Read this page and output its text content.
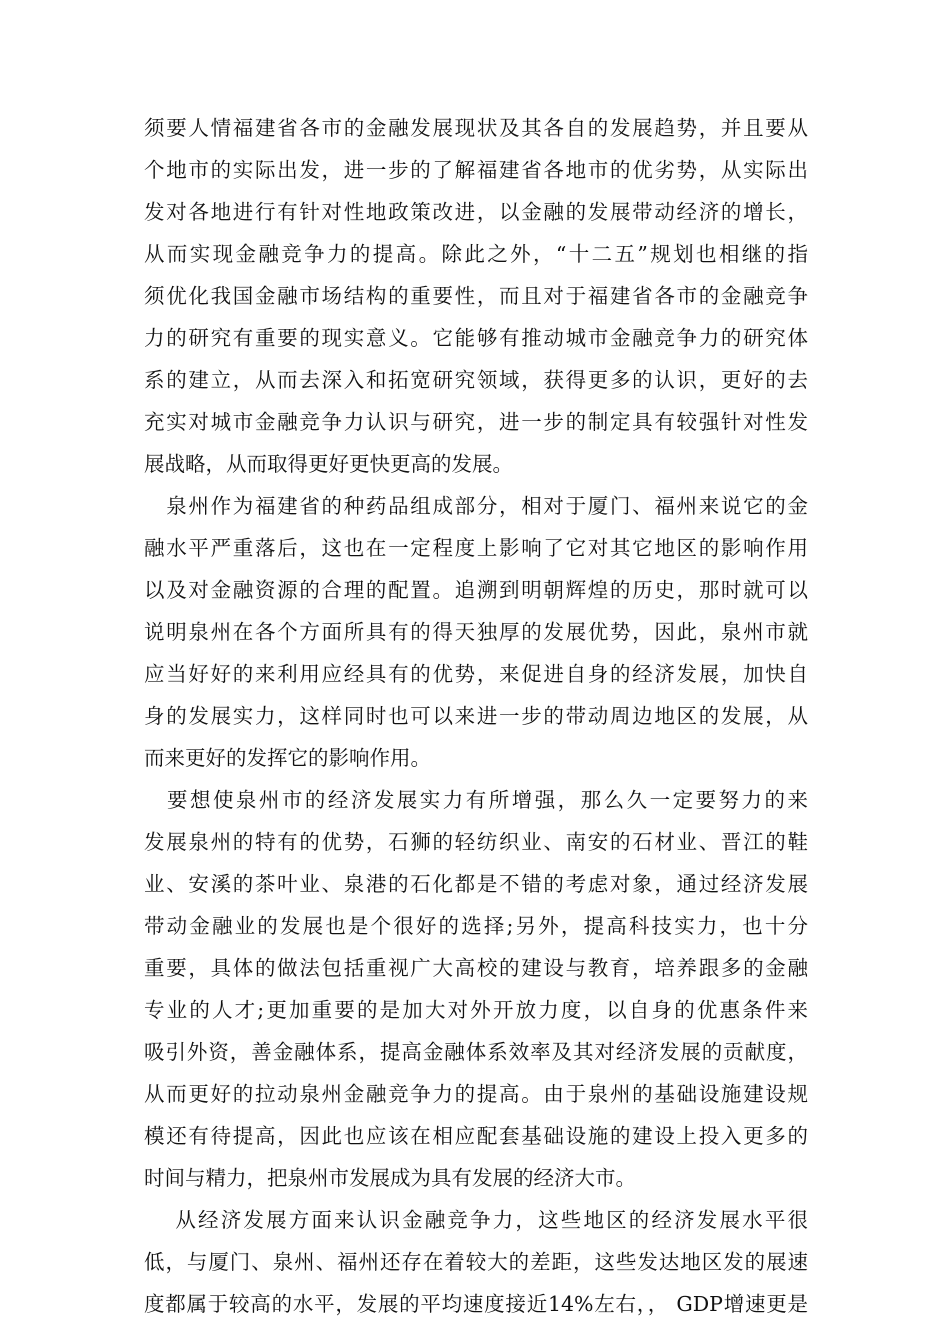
须要人情福建省各市的金融发展现状及其各自的发展趋势，并且要从
个地市的实际出发，进一步的了解福建省各地市的优劣势，从实际出
发对各地进行有针对性地政策改进，以金融的发展带动经济的增长，
从而实现金融竞争力的提高。除此之外，“十二五”规划也相继的指
须优化我国金融市场结构的重要性，而且对于福建省各市的金融竞争
力的研究有重要的现实意义。它能够有推动城市金融竞争力的研究体
系的建立，从而去深入和拓宽研究领域，获得更多的认识，更好的去
充实对城市金融竞争力认识与研究，进一步的制定具有较强针对性发
展战略，从而取得更好更快更高的发展。
　泉州作为福建省的种药品组成部分，相对于厦门、福州来说它的金
融水平严重落后，这也在一定程度上影响了它对其它地区的影响作用
以及对金融资源的合理的配置。追溯到明朝辉煌的历史，那时就可以
说明泉州在各个方面所具有的得天独厚的发展优势，因此，泉州市就
应当好好的来利用应经具有的优势，来促进自身的经济发展，加快自
身的发展实力，这样同时也可以来进一步的带动周边地区的发展，从
而来更好的发挥它的影响作用。
　要想使泉州市的经济发展实力有所增强，那么久一定要努力的来
发展泉州的特有的优势，石狮的轻纺织业、南安的石材业、晋江的鞋
业、安溪的茶叶业、泉港的石化都是不错的考虑对象，通过经济发展
带动金融业的发展也是个很好的选择;另外，提高科技实力，也十分
重要，具体的做法包括重视广大高校的建设与教育，培养跟多的金融
专业的人才;更加重要的是加大对外开放力度，以自身的优惠条件来
吸引外资，善金融体系，提高金融体系效率及其对经济发展的贡献度，
从而更好的拉动泉州金融竞争力的提高。由于泉州的基础设施建设规
模还有待提高，因此也应该在相应配套基础设施的建设上投入更多的
时间与精力，把泉州市发展成为具有发展的经济大市。
　 从经济发展方面来认识金融竞争力，这些地区的经济发展水平很
低，与厦门、泉州、福州还存在着较大的差距，这些发达地区发的展速
度都属于较高的水平，发展的平均速度接近14%左右，， GDP增速更是
